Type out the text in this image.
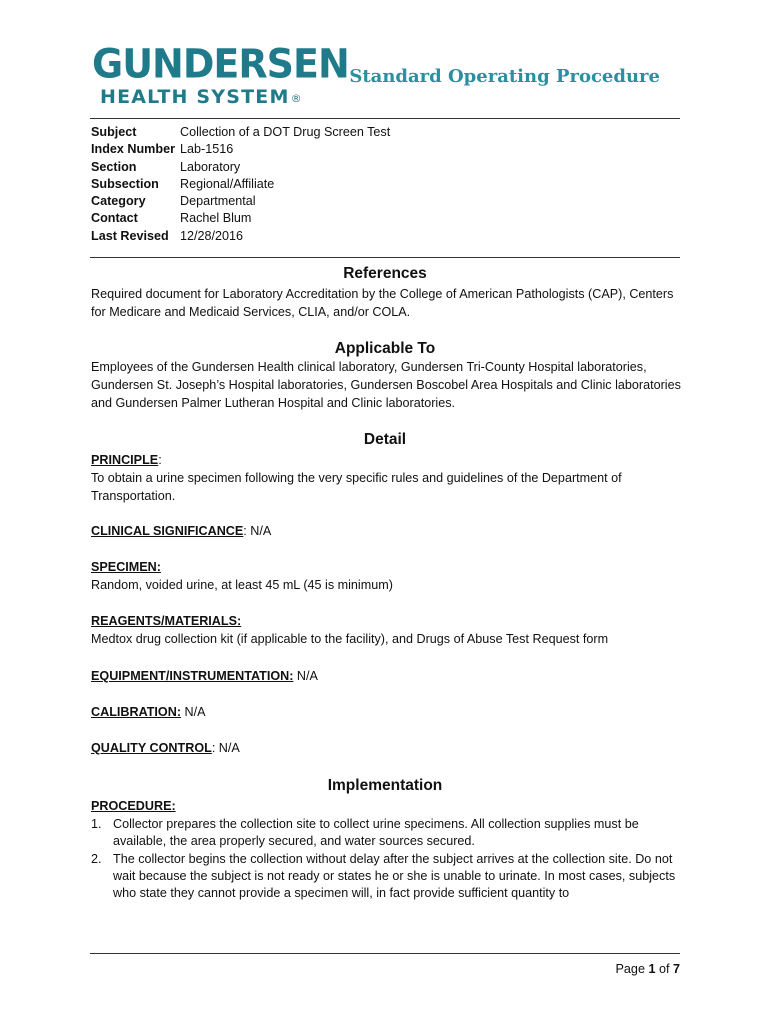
GUNDERSEN
HEALTH SYSTEM®
Standard Operating Procedure
Subject	Collection of a DOT Drug Screen Test
Index Number Lab-1516
Section	Laboratory
Subsection	Regional/Affiliate
Category	Departmental
Contact	Rachel Blum
Last Revised 12/28/2016
References
Required document for Laboratory Accreditation by the College of American Pathologists (CAP), Centers for Medicare and Medicaid Services, CLIA, and/or COLA.
Applicable To
Employees of the Gundersen Health clinical laboratory, Gundersen Tri-County Hospital laboratories, Gundersen St. Joseph’s Hospital laboratories, Gundersen Boscobel Area Hospitals and Clinic laboratories and Gundersen Palmer Lutheran Hospital and Clinic laboratories.
Detail
PRINCIPLE:
To obtain a urine specimen following the very specific rules and guidelines of the Department of Transportation.
CLINICAL SIGNIFICANCE: N/A
SPECIMEN:
Random, voided urine, at least 45 mL (45 is minimum)
REAGENTS/MATERIALS:
Medtox drug collection kit (if applicable to the facility), and Drugs of Abuse Test Request form
EQUIPMENT/INSTRUMENTATION: N/A
CALIBRATION: N/A
QUALITY CONTROL: N/A
Implementation
PROCEDURE:
1. Collector prepares the collection site to collect urine specimens. All collection supplies must be available, the area properly secured, and water sources secured.
2. The collector begins the collection without delay after the subject arrives at the collection site. Do not wait because the subject is not ready or states he or she is unable to urinate. In most cases, subjects who state they cannot provide a specimen will, in fact provide sufficient quantity to
Page 1 of 7
